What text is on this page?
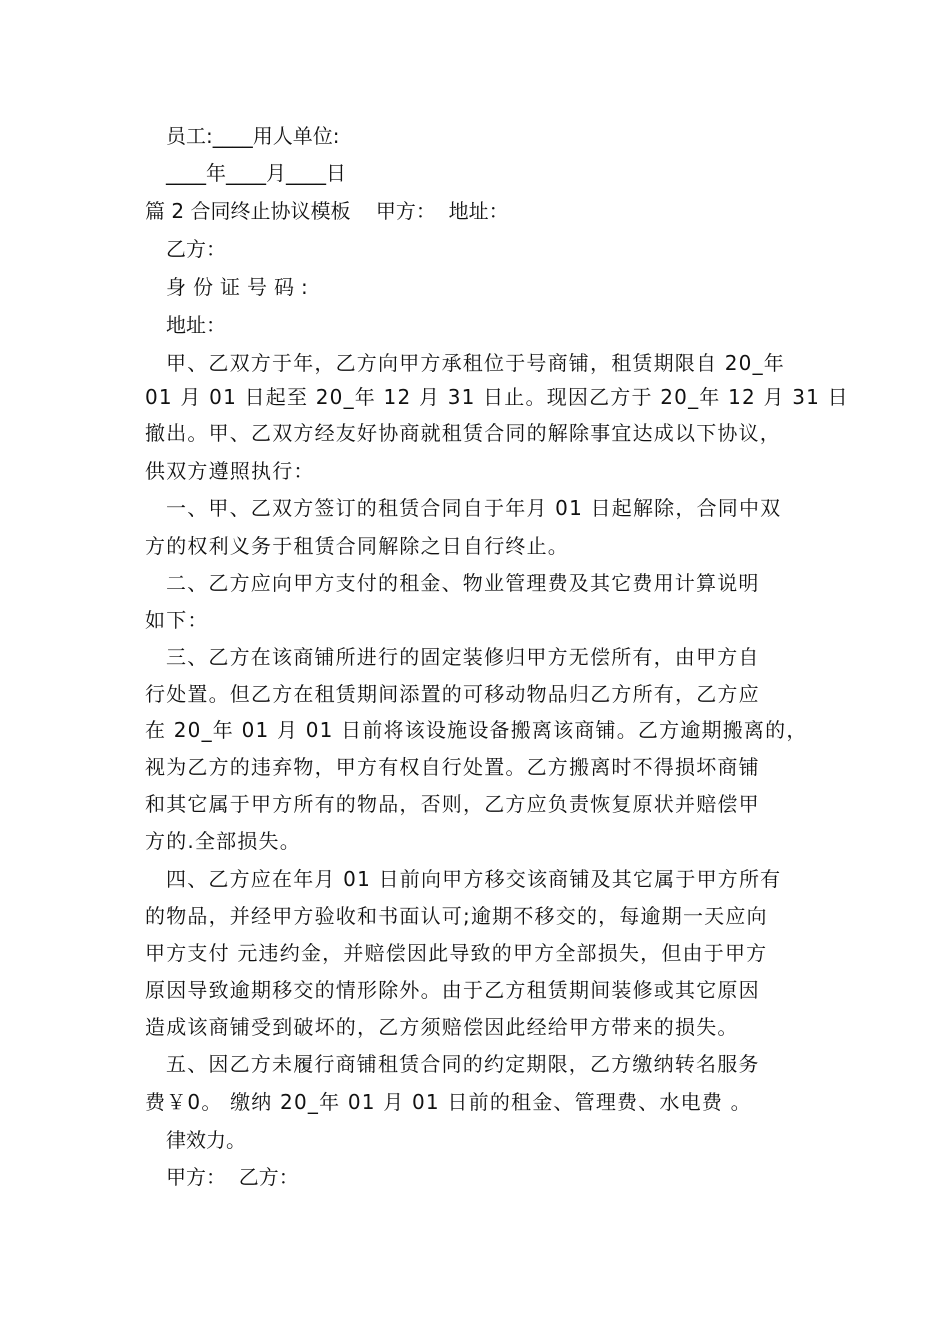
员工:____用人单位:
____年____月____日
篇 2 合同终止协议模板    甲方：  地址：
乙方：
身份证号码:
地址：
甲、乙双方于年，乙方向甲方承租位于号商铺，租赁期限自 20_年
01 月 01 日起至 20_年 12 月 31 日止。现因乙方于 20_年 12 月 31 日
撤出。甲、乙双方经友好协商就租赁合同的解除事宜达成以下协议，
供双方遵照执行：
一、甲、乙双方签订的租赁合同自于年月 01 日起解除，合同中双
方的权利义务于租赁合同解除之日自行终止。
二、乙方应向甲方支付的租金、物业管理费及其它费用计算说明
如下：
三、乙方在该商铺所进行的固定装修归甲方无偿所有，由甲方自
行处置。但乙方在租赁期间添置的可移动物品归乙方所有，乙方应
在 20_年 01 月 01 日前将该设施设备搬离该商铺。乙方逾期搬离的，
视为乙方的违弃物，甲方有权自行处置。乙方搬离时不得损坏商铺
和其它属于甲方所有的物品，否则，乙方应负责恢复原状并赔偿甲
方的.全部损失。
四、乙方应在年月 01 日前向甲方移交该商铺及其它属于甲方所有
的物品，并经甲方验收和书面认可;逾期不移交的，每逾期一天应向
甲方支付 元违约金，并赔偿因此导致的甲方全部损失，但由于甲方
原因导致逾期移交的情形除外。由于乙方租赁期间装修或其它原因
造成该商铺受到破坏的，乙方须赔偿因此经给甲方带来的损失。
五、因乙方未履行商铺租赁合同的约定期限，乙方缴纳转名服务
费￥0。 缴纳 20_年 01 月 01 日前的租金、管理费、水电费 。
律效力。
甲方：  乙方：
